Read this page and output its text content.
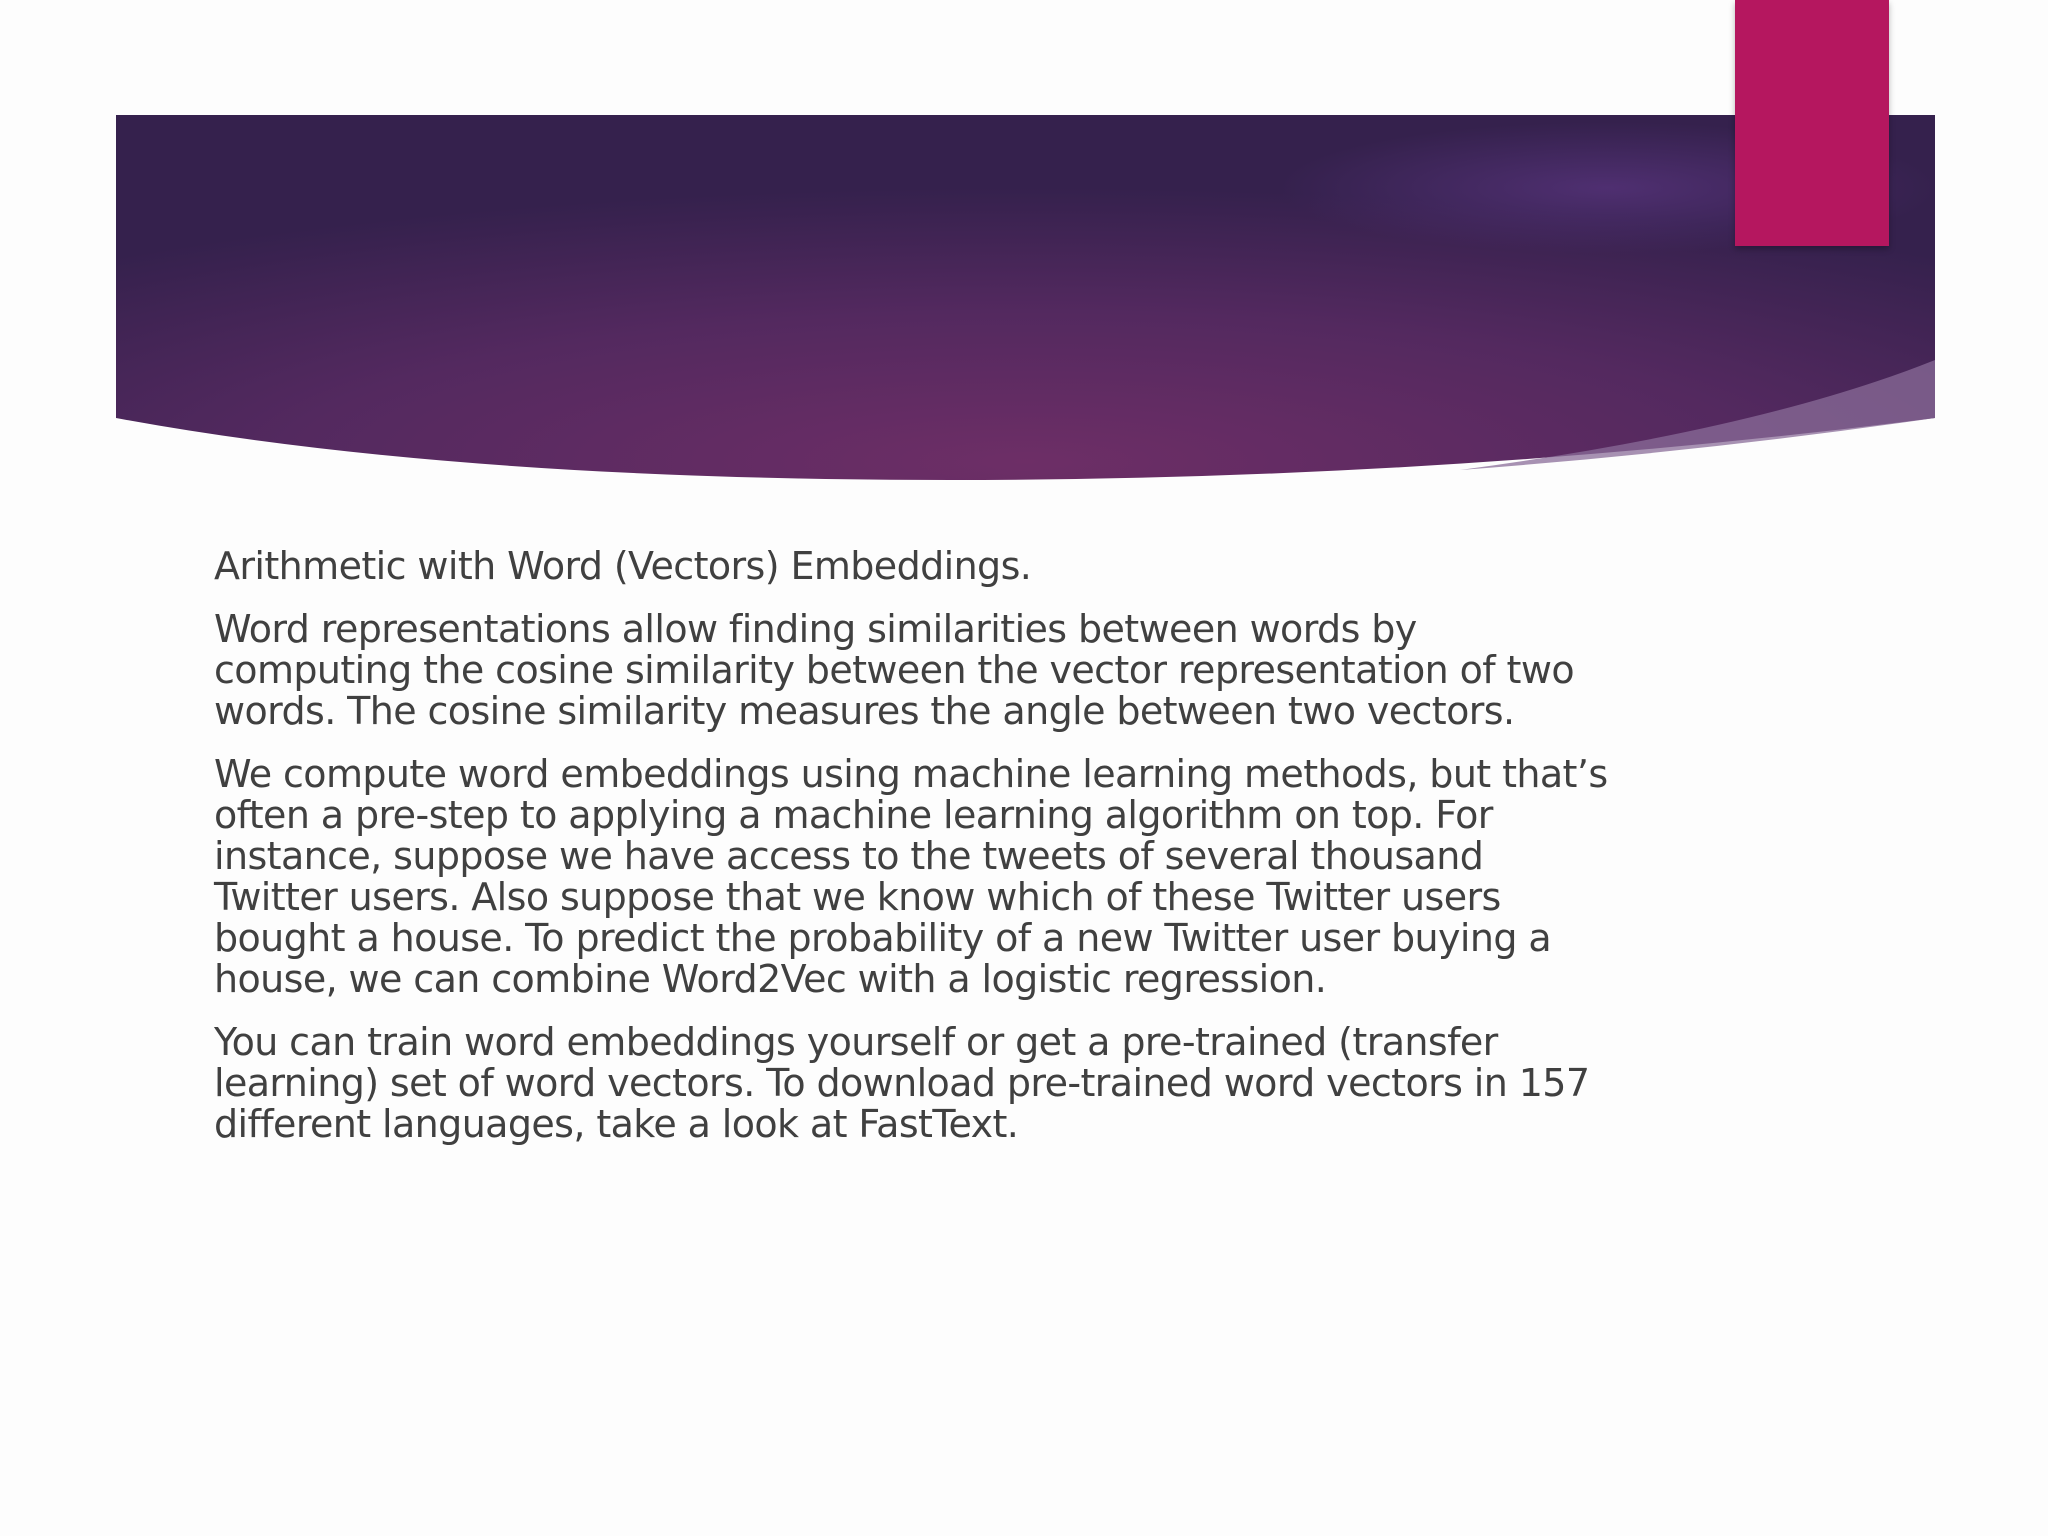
Arithmetic with Word (Vectors) Embeddings.

Word representations allow finding similarities between words by computing the cosine similarity between the vector representation of two words. The cosine similarity measures the angle between two vectors.

We compute word embeddings using machine learning methods, but that’s often a pre-step to applying a machine learning algorithm on top. For instance, suppose we have access to the tweets of several thousand Twitter users. Also suppose that we know which of these Twitter users bought a house. To predict the probability of a new Twitter user buying a house, we can combine Word2Vec with a logistic regression.

You can train word embeddings yourself or get a pre-trained (transfer learning) set of word vectors. To download pre-trained word vectors in 157 different languages, take a look at FastText.
